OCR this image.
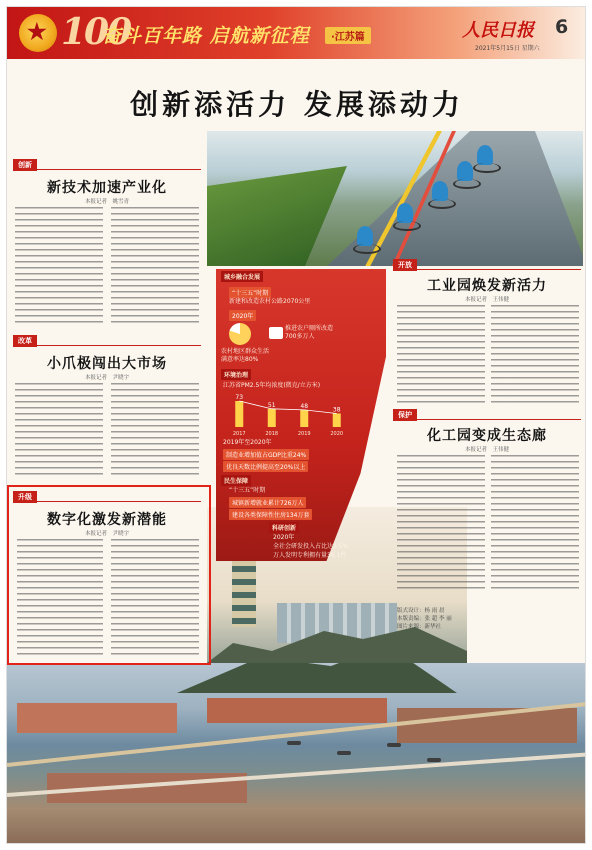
★ 100
奋斗百年路 启航新征程	·江苏篇	人民日报 6
2021年5月15日 星期六
创新添活力 发展添动力
城乡融合发展
“十三五”时期
新建和改造农村公路2070公里
2020年
农村地区群众生活满意率达80%
推进农户厕所改造700多万人
环境治理
江苏省PM2.5年均浓度(微克/立方米)
73
2017
51
2018
48
2019
38
2020
2019年至2020年
制造业增加值占GDP比重24%
优良天数比例提高至20%以上
民生保障
“十三五”时期
城镇新增就业累计726万人
建设各类保障性住房134万套
科研创新
2020年
全社会研发投入占比达3.5%
万人发明专利拥有量36.1件
创新
新技术加速产业化
本报记者　姚雪青
改革
小爪极闯出大市场
本报记者　尹晓宇
升级
数字化激发新潜能
本报记者　尹晓宇
开放
工业园焕发新活力
本报记者　王伟健
保护
化工园变成生态廊
本报记者　王伟健
版式设计：杨 雨 晨
本版责编：张 超 李 丽
图片来源：新华社
